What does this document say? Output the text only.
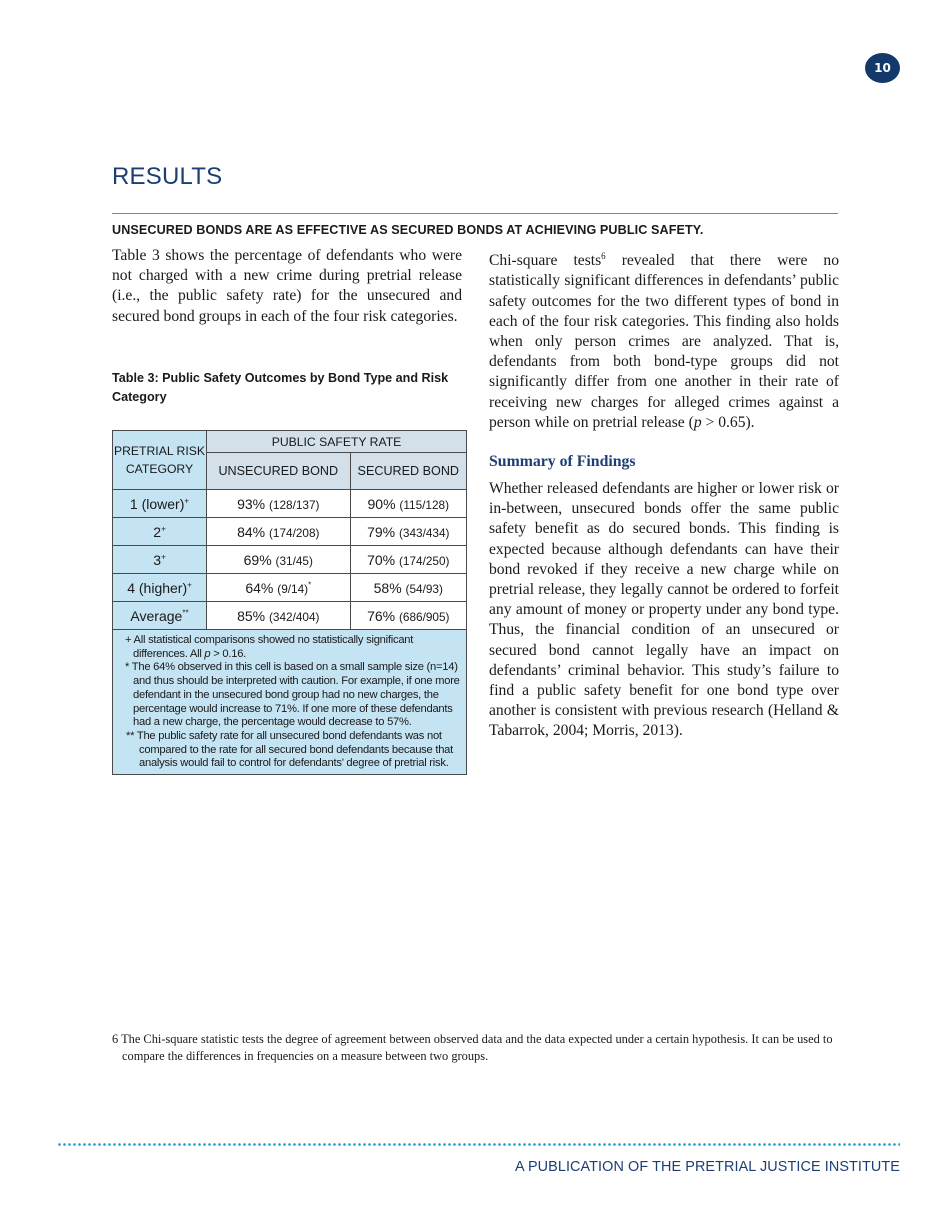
10
RESULTS
UNSECURED BONDS ARE AS EFFECTIVE AS SECURED BONDS AT ACHIEVING PUBLIC SAFETY.

Table 3 shows the percentage of defendants who were not charged with a new crime during pretrial release (i.e., the public safety rate) for the unsecured and secured bond groups in each of the four risk categories.

Table 3: Public Safety Outcomes by Bond Type and Risk Category

PRETRIAL RISK CATEGORY	PUBLIC SAFETY RATE	
	UNSECURED BOND	SECURED BOND
1 (lower)+	93% (128/137)	90% (115/128)
2+	84% (174/208)	79% (343/434)
3+	69% (31/45)	70% (174/250)
4 (higher)+	64% (9/14)*	58% (54/93)
Average**	85% (342/404)	76% (686/905)

+ All statistical comparisons showed no statistically significant differences. All p > 0.16.

* The 64% observed in this cell is based on a small sample size (n=14) and thus should be interpreted with caution. For example, if one more defendant in the unsecured bond group had no new charges, the percentage would increase to 71%. If one more of these defendants had a new charge, the percentage would decrease to 57%.

** The public safety rate for all unsecured bond defendants was not compared to the rate for all secured bond defendants because that analysis would fail to control for defendants’ degree of pretrial risk.		

Chi-square tests$^6$ revealed that there were no statistically significant differences in defendants’ public safety outcomes for the two different types of bond in each of the four risk categories. This finding also holds when only person crimes are analyzed. That is, defendants from both bond-type groups did not significantly differ from one another in their rate of receiving new charges for alleged crimes against a person while on pretrial release (p > 0.65).

Summary of Findings

Whether released defendants are higher or lower risk or in-between, unsecured bonds offer the same public safety benefit as do secured bonds. This finding is expected because although defendants can have their bond revoked if they receive a new charge while on pretrial release, they legally cannot be ordered to forfeit any amount of money or property under any bond type. Thus, the financial condition of an unsecured or secured bond cannot legally have an impact on defendants’ criminal behavior. This study’s failure to find a public safety benefit for one bond type over another is consistent with previous research (Helland & Tabarrok, 2004; Morris, 2013).

6 The Chi-square statistic tests the degree of agreement between observed data and the data expected under a certain hypothesis. It can be used to compare the differences in frequencies on a measure between two groups.

A PUBLICATION OF THE PRETRIAL JUSTICE INSTITUTE
